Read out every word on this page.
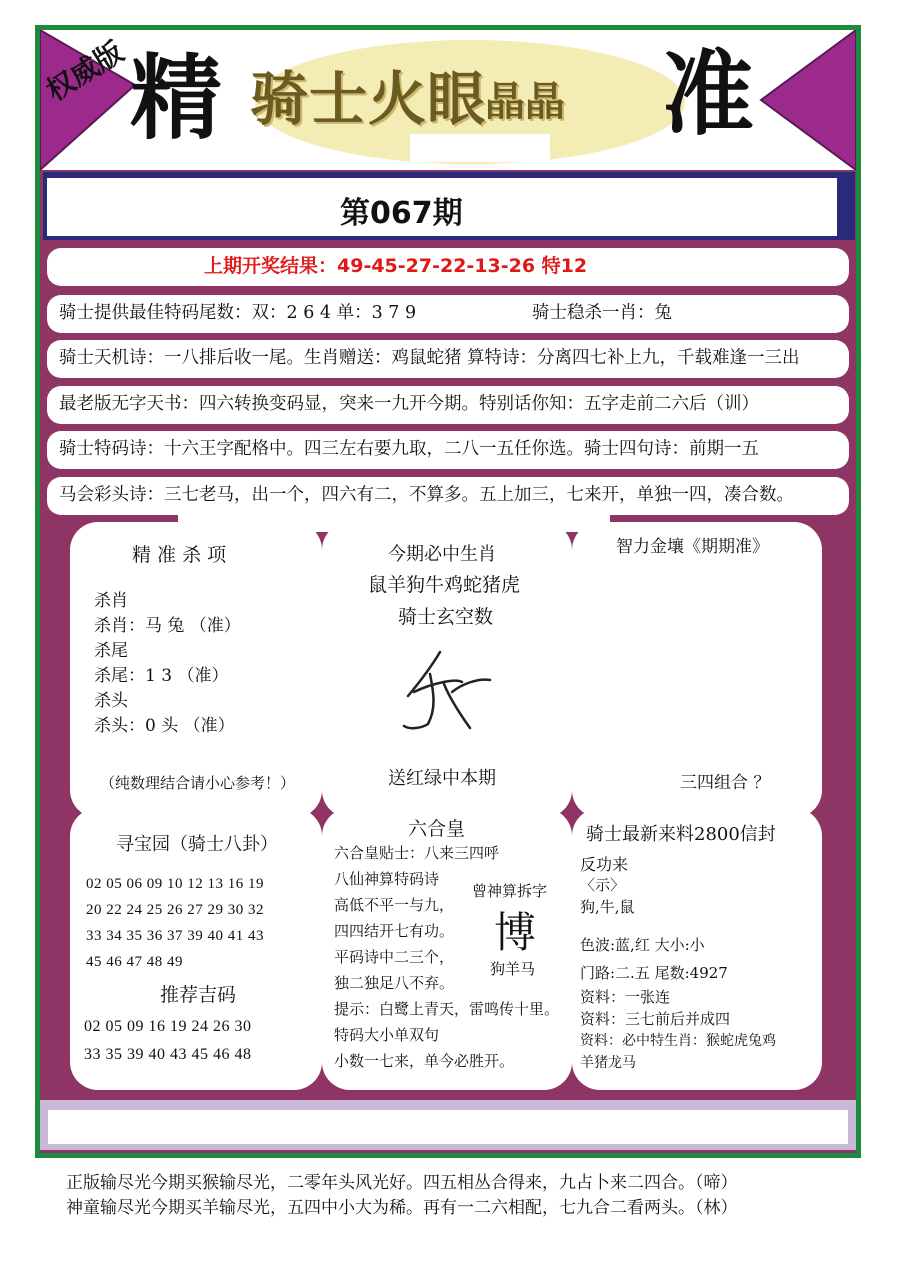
权威版 精 骑士火眼
晶晶 准
第067期
上期开奖结果：49-45-27-22-13-26 特12
骑士提供最佳特码尾数：双：2 6 4 单：3 7 9	骑士稳杀一肖：兔
骑士天机诗：一八排后收一尾。生肖赠送：鸡鼠蛇猪 算特诗：分离四七补上九，千载难逢一三出
最老版无字天书：四六转换变码显，突来一九开今期。特别话你知：五字走前二六后（训）
骑士特码诗：十六王字配格中。四三左右要九取，二八一五任你选。骑士四句诗：前期一五
马会彩头诗：三七老马，出一个，四六有二，不算多。五上加三，七来开，单独一四，凑合数。
精 准 杀 项
杀肖
杀肖：马 兔 （准）
杀尾
杀尾：1 3 （准）
杀头
杀头：0 头 （准）
（纯数理结合请小心参考！）
今期必中生肖
鼠羊狗牛鸡蛇猪虎
骑士玄空数
送红绿中本期
智力金壤《期期准》
三四组合 ？
寻宝园（骑士八卦）
02 05 06 09 10 12 13 16 19
20 22 24 25 26 27 29 30 32
33 34 35 36 37 39 40 41 43
45 46 47 48 49
推荐吉码
02 05 09 16 19 24 26 30
33 35 39 40 43 45 46 48
六合皇
六合皇贴士：八来三四呼
八仙神算特码诗
高低不平一与九，
四四结开七有功。
平码诗中二三个，
独二独足八不弃。
提示：白鹭上青天，雷鸣传十里。
特码大小单双句
小数一七来，单今必胜开。
曾神算拆字
博
狗羊马
骑士最新来料2800信封
反功来
〈示〉
狗,牛,鼠
色波:蓝,红 大小:小
门路:二.五 尾数:4927
资料：一张连
资料：三七前后并成四
资料：必中特生肖：猴蛇虎兔鸡
羊猪龙马
正版输尽光今期买猴输尽光，二零年头风光好。四五相丛合得来，九占卜来二四合。（啼）
神童输尽光今期买羊输尽光，五四中小大为稀。再有一二六相配，七九合二看两头。（林）
